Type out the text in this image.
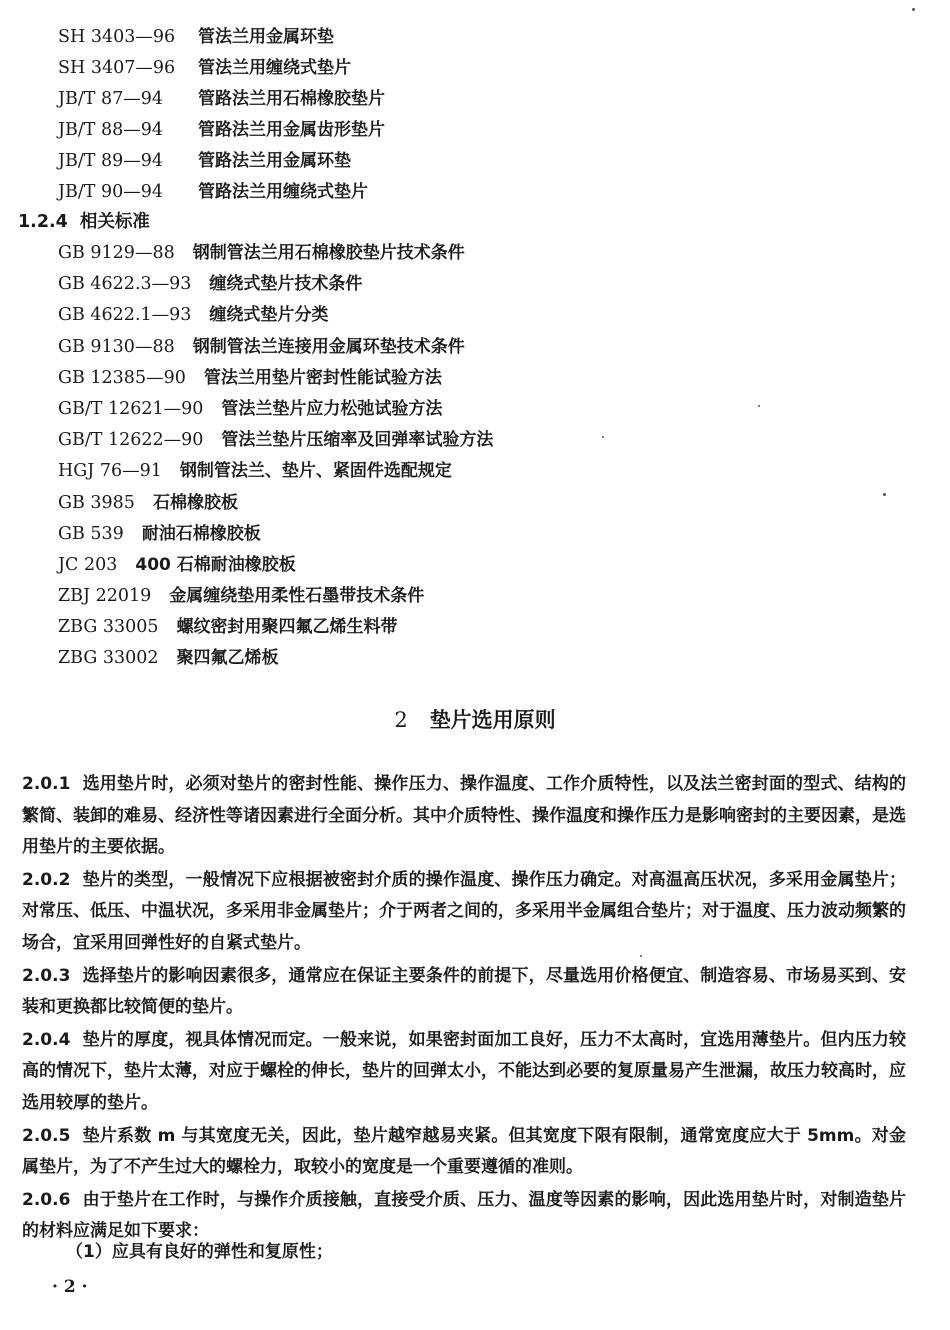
SH 3403—96 管法兰用金属环垫
SH 3407—96 管法兰用缠绕式垫片
JB/T 87—94 管路法兰用石棉橡胶垫片
JB/T 88—94 管路法兰用金属齿形垫片
JB/T 89—94 管路法兰用金属环垫
JB/T 90—94 管路法兰用缠绕式垫片
1.2.4 相关标准
GB 9129—88 钢制管法兰用石棉橡胶垫片技术条件
GB 4622.3—93 缠绕式垫片技术条件
GB 4622.1—93 缠绕式垫片分类
GB 9130—88 钢制管法兰连接用金属环垫技术条件
GB 12385—90 管法兰用垫片密封性能试验方法
GB/T 12621—90 管法兰垫片应力松弛试验方法
GB/T 12622—90 管法兰垫片压缩率及回弹率试验方法
HGJ 76—91 钢制管法兰、垫片、紧固件选配规定
GB 3985 石棉橡胶板
GB 539 耐油石棉橡胶板
JC 203 400 石棉耐油橡胶板
ZBJ 22019 金属缠绕垫用柔性石墨带技术条件
ZBG 33005 螺纹密封用聚四氟乙烯生料带
ZBG 33002 聚四氟乙烯板
2 垫片选用原则

2.0.1 选用垫片时，必须对垫片的密封性能、操作压力、操作温度、工作介质特性，以及法兰密封面的型式、结构的繁简、装卸的难易、经济性等诸因素进行全面分析。其中介质特性、操作温度和操作压力是影响密封的主要因素，是选用垫片的主要依据。

2.0.2 垫片的类型，一般情况下应根据被密封介质的操作温度、操作压力确定。对高温高压状况，多采用金属垫片；对常压、低压、中温状况，多采用非金属垫片；介于两者之间的，多采用半金属组合垫片；对于温度、压力波动频繁的场合，宜采用回弹性好的自紧式垫片。

2.0.3 选择垫片的影响因素很多，通常应在保证主要条件的前提下，尽量选用价格便宜、制造容易、市场易买到、安装和更换都比较简便的垫片。

2.0.4 垫片的厚度，视具体情况而定。一般来说，如果密封面加工良好，压力不太高时，宜选用薄垫片。但内压力较高的情况下，垫片太薄，对应于螺栓的伸长，垫片的回弹太小，不能达到必要的复原量易产生泄漏，故压力较高时，应选用较厚的垫片。

2.0.5 垫片系数 m 与其宽度无关，因此，垫片越窄越易夹紧。但其宽度下限有限制，通常宽度应大于 5mm。对金属垫片，为了不产生过大的螺栓力，取较小的宽度是一个重要遵循的准则。

2.0.6 由于垫片在工作时，与操作介质接触，直接受介质、压力、温度等因素的影响，因此选用垫片时，对制造垫片的材料应满足如下要求：

（1）应具有良好的弹性和复原性；
· 2 ·
